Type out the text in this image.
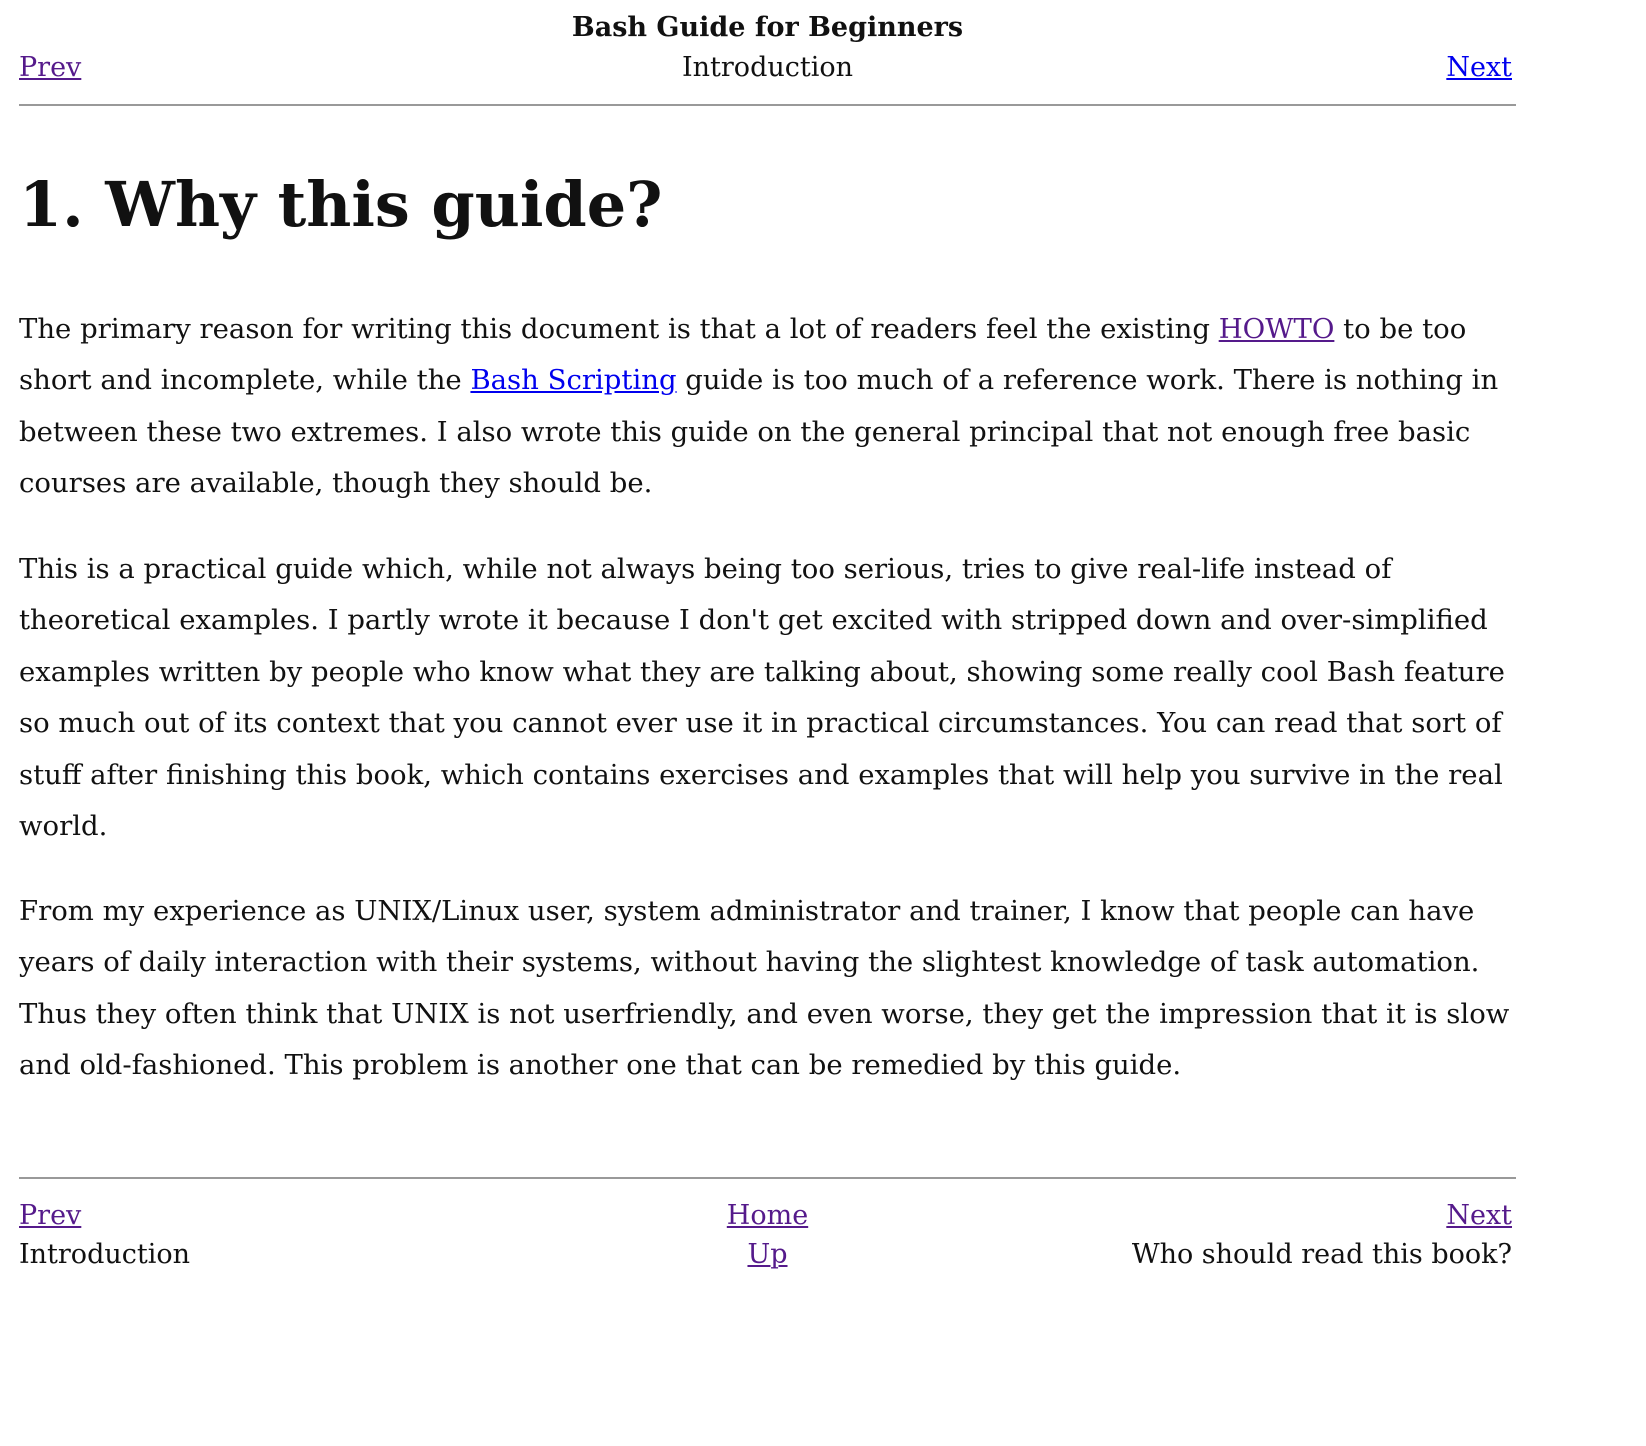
Bash Guide for Beginners
Prev	Introduction	Next
1. Why this guide?

The primary reason for writing this document is that a lot of readers feel the existing HOWTO to be too short and incomplete, while the Bash Scripting guide is too much of a reference work. There is nothing in between these two extremes. I also wrote this guide on the general principal that not enough free basic courses are available, though they should be.

This is a practical guide which, while not always being too serious, tries to give real-life instead of theoretical examples. I partly wrote it because I don't get excited with stripped down and over-simplified examples written by people who know what they are talking about, showing some really cool Bash feature so much out of its context that you cannot ever use it in practical circumstances. You can read that sort of stuff after finishing this book, which contains exercises and examples that will help you survive in the real world.

From my experience as UNIX/Linux user, system administrator and trainer, I know that people can have years of daily interaction with their systems, without having the slightest knowledge of task automation. Thus they often think that UNIX is not userfriendly, and even worse, they get the impression that it is slow and old-fashioned. This problem is another one that can be remedied by this guide.

Prev	Home	Next
Introduction	Up	Who should read this book?
